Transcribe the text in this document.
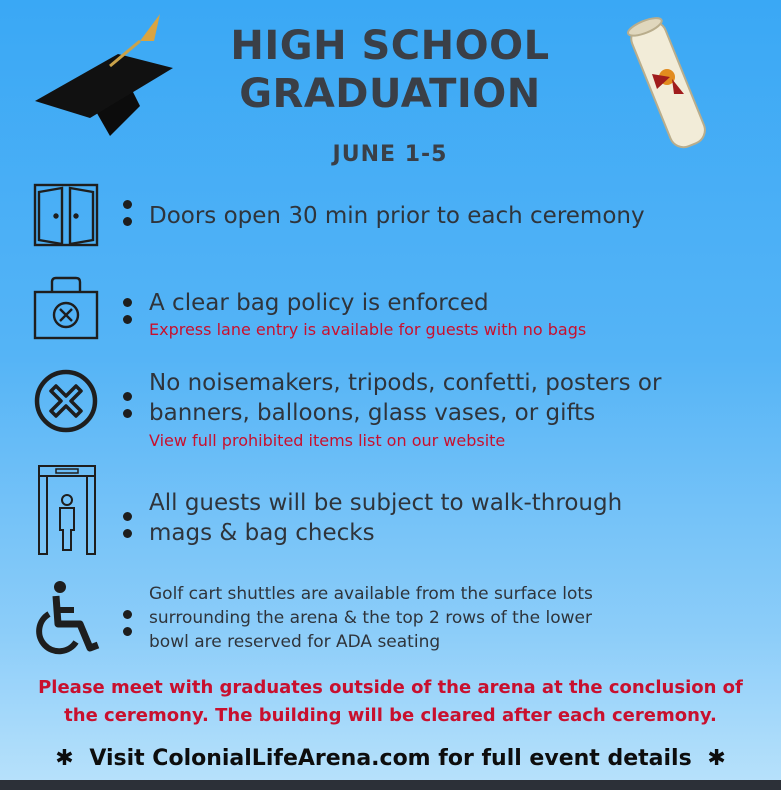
HIGH SCHOOL
GRADUATION
JUNE 1-5
Doors open 30 min prior to each ceremony
A clear bag policy is enforced
Express lane entry is available for guests with no bags
No noisemakers, tripods, confetti, posters or
banners, balloons, glass vases, or gifts
View full prohibited items list on our website
All guests will be subject to walk-through
mags & bag checks
Golf cart shuttles are available from the surface lots
surrounding the arena & the top 2 rows of the lower
bowl are reserved for ADA seating
Please meet with graduates outside of the arena at the conclusion of
the ceremony. The building will be cleared after each ceremony.
✱ Visit ColonialLifeArena.com for full event details ✱
